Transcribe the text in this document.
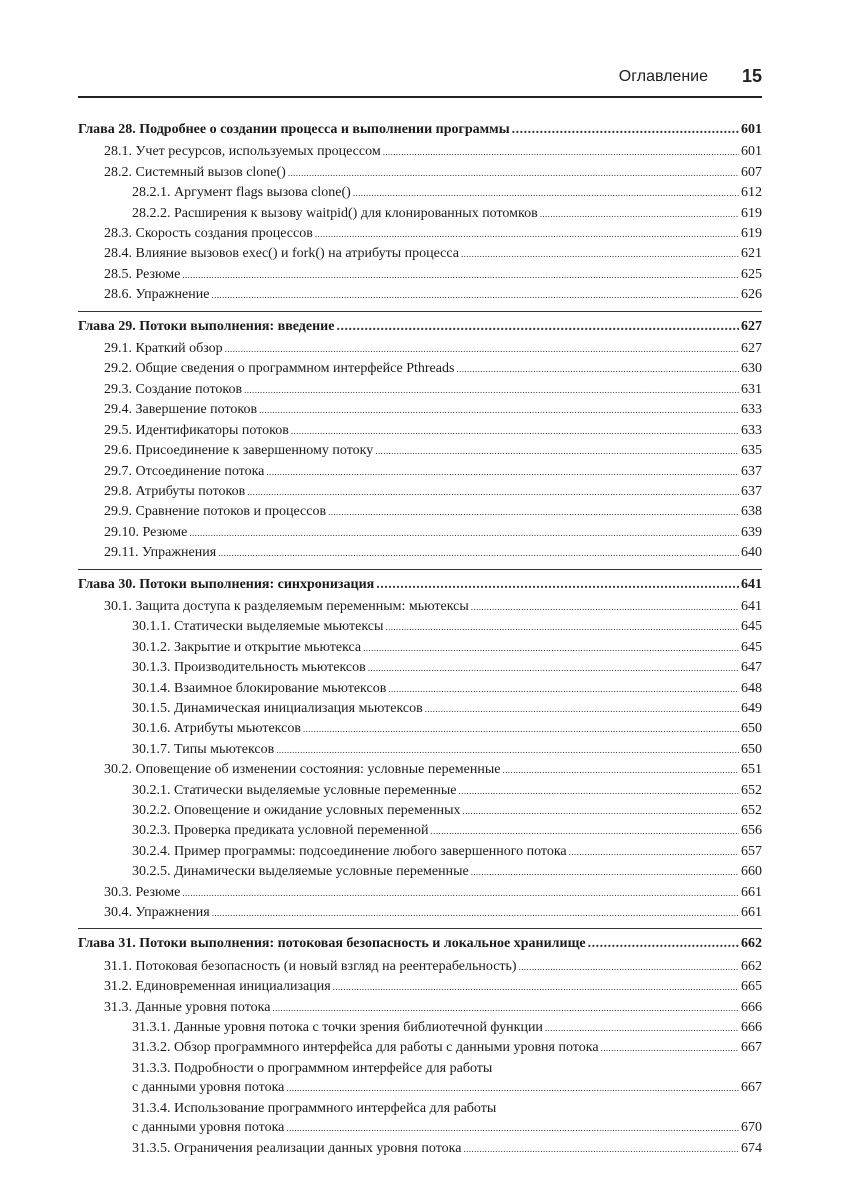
Оглавление 15
Глава 28. Подробнее о создании процесса и выполнении программы .....	601
28.1. Учет ресурсов, используемых процессом .....	601
28.2. Системный вызов clone() .....	607
28.2.1. Аргумент flags вызова clone() .....	612
28.2.2. Расширения к вызову waitpid() для клонированных потомков .....	619
28.3. Скорость создания процессов .....	619
28.4. Влияние вызовов exec() и fork() на атрибуты процесса .....	621
28.5. Резюме .....	625
28.6. Упражнение .....	626
Глава 29. Потоки выполнения: введение .....	627
29.1. Краткий обзор .....	627
29.2. Общие сведения о программном интерфейсе Pthreads .....	630
29.3. Создание потоков .....	631
29.4. Завершение потоков .....	633
29.5. Идентификаторы потоков .....	633
29.6. Присоединение к завершенному потоку .....	635
29.7. Отсоединение потока .....	637
29.8. Атрибуты потоков .....	637
29.9. Сравнение потоков и процессов .....	638
29.10. Резюме .....	639
29.11. Упражнения .....	640
Глава 30. Потоки выполнения: синхронизация .....	641
30.1. Защита доступа к разделяемым переменным: мьютексы .....	641
30.1.1. Статически выделяемые мьютексы .....	645
30.1.2. Закрытие и открытие мьютекса .....	645
30.1.3. Производительность мьютексов .....	647
30.1.4. Взаимное блокирование мьютексов .....	648
30.1.5. Динамическая инициализация мьютексов .....	649
30.1.6. Атрибуты мьютексов .....	650
30.1.7. Типы мьютексов .....	650
30.2. Оповещение об изменении состояния: условные переменные .....	651
30.2.1. Статически выделяемые условные переменные .....	652
30.2.2. Оповещение и ожидание условных переменных .....	652
30.2.3. Проверка предиката условной переменной .....	656
30.2.4. Пример программы: подсоединение любого завершенного потока .....	657
30.2.5. Динамически выделяемые условные переменные .....	660
30.3. Резюме .....	661
30.4. Упражнения .....	661
Глава 31. Потоки выполнения: потоковая безопасность и локальное хранилище .....	662
31.1. Потоковая безопасность (и новый взгляд на реентерабельность) .....	662
31.2. Единовременная инициализация .....	665
31.3. Данные уровня потока .....	666
31.3.1. Данные уровня потока с точки зрения библиотечной функции .....	666
31.3.2. Обзор программного интерфейса для работы с данными уровня потока .....	667
31.3.3. Подробности о программном интерфейсе для работы
с данными уровня потока .....	667
31.3.4. Использование программного интерфейса для работы
с данными уровня потока .....	670
31.3.5. Ограничения реализации данных уровня потока .....	674
